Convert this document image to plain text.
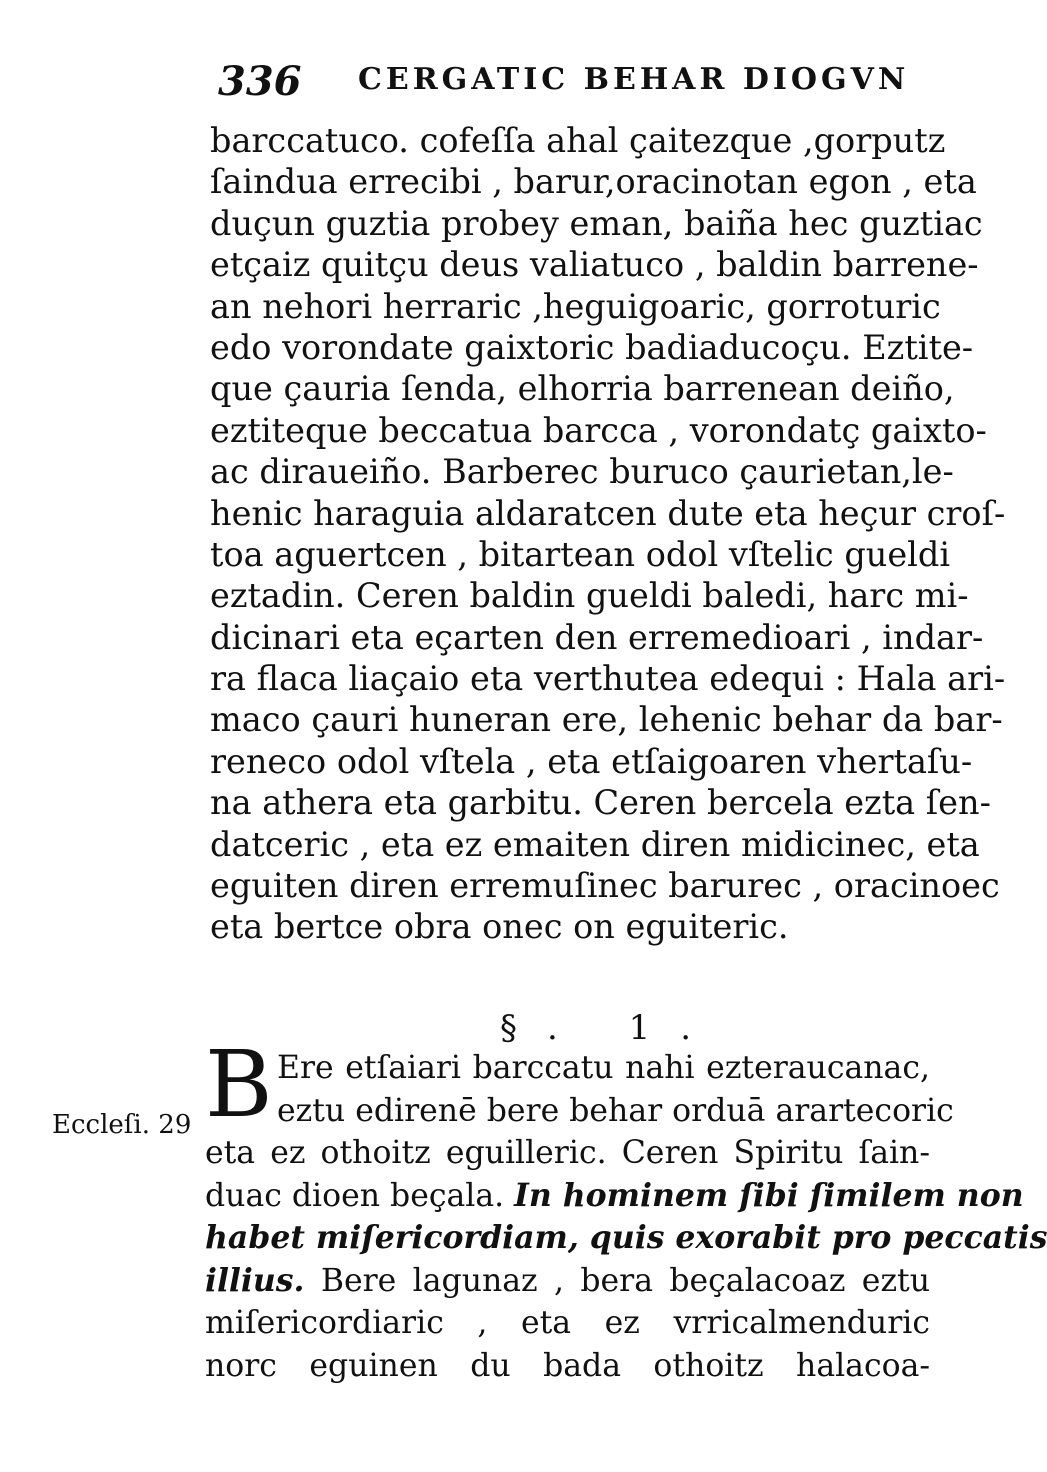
336 CERGATIC BEHAR DIOGVN
barccatuco. cofeſſa ahal çaitezque ,gorputz
ſaindua errecibi , barur,oracinotan egon , eta
duçun guztia probey eman, baiña hec guztiac
etçaiz quitçu deus valiatuco , baldin barrene-
an nehori herraric ,heguigoaric, gorroturic
edo vorondate gaixtoric badiaducoçu. Eztite-
que çauria ſenda, elhorria barrenean deiño,
eztiteque beccatua barcca , vorondatç gaixto-
ac diraueiño. Barberec buruco çaurietan,le-
henic haraguia aldaratcen dute eta heçur croſ-
toa aguertcen , bitartean odol vſtelic gueldi
eztadin. Ceren baldin gueldi baledi, harc mi-
dicinari eta eçarten den erremedioari , indar-
ra flaca liaçaio eta verthutea edequi : Hala ari-
maco çauri huneran ere, lehenic behar da bar-
reneco odol vſtela , eta etſaigoaren vhertaſu-
na athera eta garbitu. Ceren bercela ezta ſen-
datceric , eta ez emaiten diren midicinec, eta
eguiten diren erremuſinec barurec , oracinoec
eta bertce obra onec on eguiteric.
§. 1.
B Ere etſaiari barccatu nahi ezteraucanac,
eztu edirenē bere behar orduā arartecoric
eta ez othoitz eguilleric. Ceren Spiritu ſain-
duac dioen beçala. In hominem ſibi ſimilem non
habet miſericordiam, quis exorabit pro peccatis
illius. Bere lagunaz , bera beçalacoaz eztu
miſericordiaric , eta ez vrricalmenduric
norc eguinen du bada othoitz halacoa-
Eccleſi. 29
